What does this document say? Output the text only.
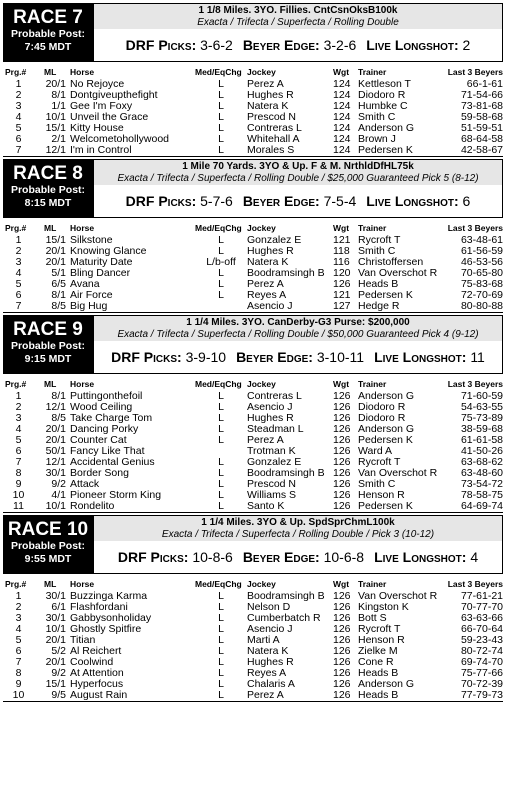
RACE 7
Probable Post:
7:45 MDT
1 1/8 Miles. 3YO. Fillies. CntCsnOksB100k
Exacta / Trifecta / Superfecta / Rolling Double
DRF Picks:
3-6-2 Beyer Edge:
3-2-6 Live Longshot:
2
Prg.#	ML	Horse	Med/EqChg	Jockey	Wgt	Trainer	Last 3 Beyers
1	20/1	No Rejoyce	L	Perez A	124	Kettleson T	66-1-61
2	8/1	Dontgiveupthefight	L	Hughes R	124	Diodoro R	71-54-66
3	1/1	Gee I'm Foxy	L	Natera K	124	Humbke C	73-81-68
4	10/1	Unveil the Grace	L	Prescod N	124	Smith C	59-58-68
5	15/1	Kitty House	L	Contreras L	124	Anderson G	51-59-51
6	2/1	Welcometohollywood	L	Whitehall A	124	Brown J	68-64-58
7	12/1	I'm in Control	L	Morales S	124	Pedersen K	42-58-67
RACE 8
Probable Post:
8:15 MDT
1 Mile 70 Yards. 3YO & Up. F & M. NrthldDfHL75k
Exacta / Trifecta / Superfecta / Rolling Double / $25,000 Guaranteed Pick 5 (8-12)
DRF Picks:
5-7-6 Beyer Edge:
7-5-4 Live Longshot:
6
Prg.#	ML	Horse	Med/EqChg	Jockey	Wgt	Trainer	Last 3 Beyers
1	15/1	Silkstone	L	Gonzalez E	121	Rycroft T	63-48-61
2	20/1	Knowing Glance	L	Hughes R	118	Smith C	61-56-59
3	20/1	Maturity Date	L/b-off	Natera K	116	Christoffersen	46-53-56
4	5/1	Bling Dancer	L	Boodramsingh B	120	Van Overschot R	70-65-80
5	6/5	Avana	L	Perez A	126	Heads B	75-83-68
6	8/1	Air Force	L	Reyes A	121	Pedersen K	72-70-69
7	8/5	Big Hug		Asencio J	127	Hedge R	80-80-88
RACE 9
Probable Post:
9:15 MDT
1 1/4 Miles. 3YO. CanDerby-G3 Purse: $200,000
Exacta / Trifecta / Superfecta / Rolling Double / $50,000 Guaranteed Pick 4 (9-12)
DRF Picks:
3-9-10 Beyer Edge:
3-10-11 Live Longshot:
11
Prg.#	ML	Horse	Med/EqChg	Jockey	Wgt	Trainer	Last 3 Beyers
1	8/1	Puttingonthefoil	L	Contreras L	126	Anderson G	71-60-59
2	12/1	Wood Ceiling	L	Asencio J	126	Diodoro R	54-63-55
3	8/5	Take Charge Tom	L	Hughes R	126	Diodoro R	75-73-89
4	20/1	Dancing Porky	L	Steadman L	126	Anderson G	38-59-68
5	20/1	Counter Cat	L	Perez A	126	Pedersen K	61-61-58
6	50/1	Fancy Like That		Trotman K	126	Ward A	41-50-26
7	12/1	Accidental Genius	L	Gonzalez E	126	Rycroft T	63-68-62
8	30/1	Border Song	L	Boodramsingh B	126	Van Overschot R	63-48-60
9	9/2	Attack	L	Prescod N	126	Smith C	73-54-72
10	4/1	Pioneer Storm King	L	Williams S	126	Henson R	78-58-75
11	10/1	Rondelito	L	Santo K	126	Pedersen K	64-69-74
RACE 10
Probable Post:
9:55 MDT
1 1/4 Miles. 3YO & Up. SpdSprChmL100k
Exacta / Trifecta / Superfecta / Rolling Double / Pick 3 (10-12)
DRF Picks:
10-8-6 Beyer Edge:
10-6-8 Live Longshot:
4
Prg.#	ML	Horse	Med/EqChg	Jockey	Wgt	Trainer	Last 3 Beyers
1	30/1	Buzzinga Karma	L	Boodramsingh B	126	Van Overschot R	77-61-21
2	6/1	Flashfordani	L	Nelson D	126	Kingston K	70-77-70
3	30/1	Gabbysonholiday	L	Cumberbatch R	126	Bott S	63-63-66
4	10/1	Ghostly Spitfire	L	Asencio J	126	Rycroft T	66-70-64
5	20/1	Titian	L	Marti A	126	Henson R	59-23-43
6	5/2	Al Reichert	L	Natera K	126	Zielke M	80-72-74
7	20/1	Coolwind	L	Hughes R	126	Cone R	69-74-70
8	9/2	At Attention	L	Reyes A	126	Heads B	75-77-66
9	15/1	Hyperfocus	L	Chalaris A	126	Anderson G	70-72-39
10	9/5	August Rain	L	Perez A	126	Heads B	77-79-73
